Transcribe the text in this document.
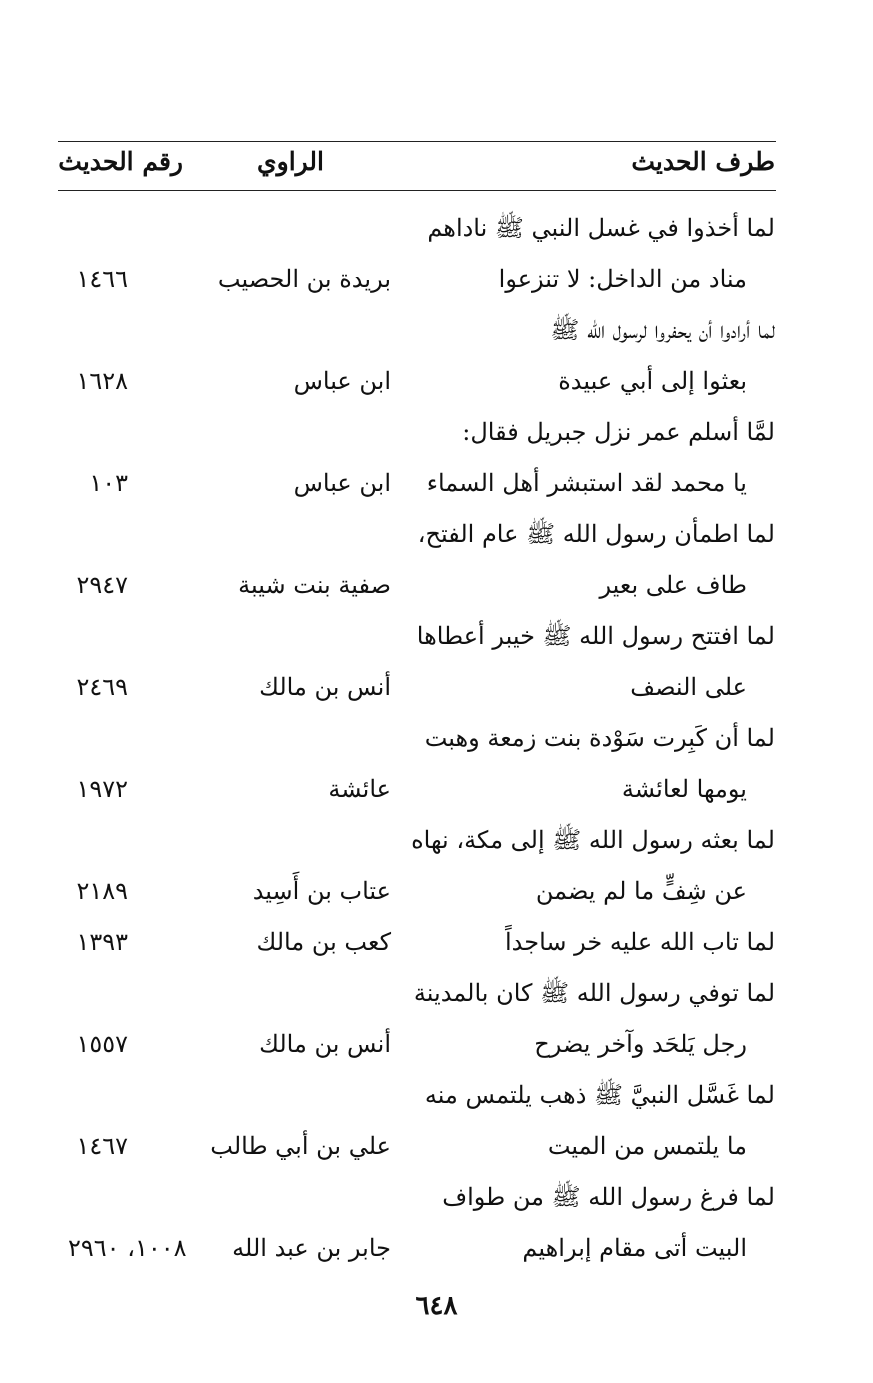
طرف الحديث
الراوي
رقم الحديث
لما أخذوا في غسل النبي ﷺ ناداهم
مناد من الداخل: لا تنزعوا
بريدة بن الحصيب
١٤٦٦
لما أرادوا أن يحفروا لرسول الله ﷺ
بعثوا إلى أبي عبيدة
ابن عباس
١٦٢٨
لمَّا أسلم عمر نزل جبريل فقال:
يا محمد لقد استبشر أهل السماء
ابن عباس
١٠٣
لما اطمأن رسول الله ﷺ عام الفتح،
طاف على بعير
صفية بنت شيبة
٢٩٤٧
لما افتتح رسول الله ﷺ خيبر أعطاها
على النصف
أنس بن مالك
٢٤٦٩
لما أن كَبِرت سَوْدة بنت زمعة وهبت
يومها لعائشة
عائشة
١٩٧٢
لما بعثه رسول الله ﷺ إلى مكة، نهاه
عن شِفٍّ ما لم يضمن
عتاب بن أَسِيد
٢١٨٩
لما تاب الله عليه خر ساجداً
كعب بن مالك
١٣٩٣
لما توفي رسول الله ﷺ كان بالمدينة
رجل يَلحَد وآخر يضرح
أنس بن مالك
١٥٥٧
لما غَسَّل النبيَّ ﷺ ذهب يلتمس منه
ما يلتمس من الميت
علي بن أبي طالب
١٤٦٧
لما فرغ رسول الله ﷺ من طواف
البيت أتى مقام إبراهيم
جابر بن عبد الله
١٠٠٨، ٢٩٦٠
٦٤٨
